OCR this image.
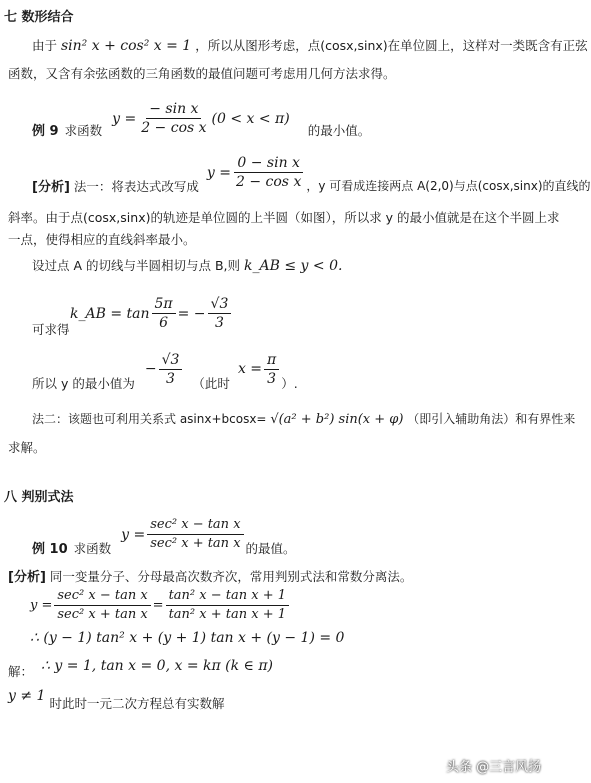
七 数形结合
由于 sin² x + cos² x = 1 ，所以从图形考虑，点(cosx,sinx)在单位圆上，这样对一类既含有正弦
函数，又含有余弦函数的三角函数的最值问题可考虑用几何方法求得。
例 9 求函数
$y = \frac{\text{− sin x}}{\text{2 − cos x}} (0 < x < \pi)$
的最小值。
[分析] 法一：将表达式改写成
$y = \frac{\text{0 − sin x}}{\text{2 − cos x}}$ ，y 可看成连接两点 A(2,0)与点(cosx,sinx)的直线的
斜率。由于点(cosx,sinx)的轨迹是单位圆的上半圆（如图），所以求 y 的最小值就是在这个半圆上求
一点，使得相应的直线斜率最小。
设过点 A 的切线与半圆相切与点 B,则 k_AB ≤ y < 0.
k_AB = $\tan \frac{5\pi}{6}$ = − $\frac{√3}{3}$
可求得
所以 y 的最小值为
− $\frac{√3}{3}$ （此时
$x = \frac{\pi}{3}$ ）.
法二：该题也可利用关系式 asinx+bcosx= √(a² + b²) sin(x + φ) （即引入辅助角法）和有界性来
求解。
八 判别式法
例 10 求函数
$y = \frac{\text{sec² x − tan x}}{\text{sec² x + tan x}}$ 的最值。
[分析] 同一变量分子、分母最高次数齐次，常用判别式法和常数分离法。
$y = \frac{\text{sec² x − tan x}}{\text{sec² x + tan x}} = \frac{\text{tan² x − tan x + 1}}{\text{tan² x + tan x + 1}}$
∴ (y − 1) tan² x + (y + 1) tan x + (y − 1) = 0
解： ∴ y = 1, tan x = 0, x = kπ (k ∈ π)
y ≠ 1 时此时一元二次方程总有实数解
头条 @三言风扬
